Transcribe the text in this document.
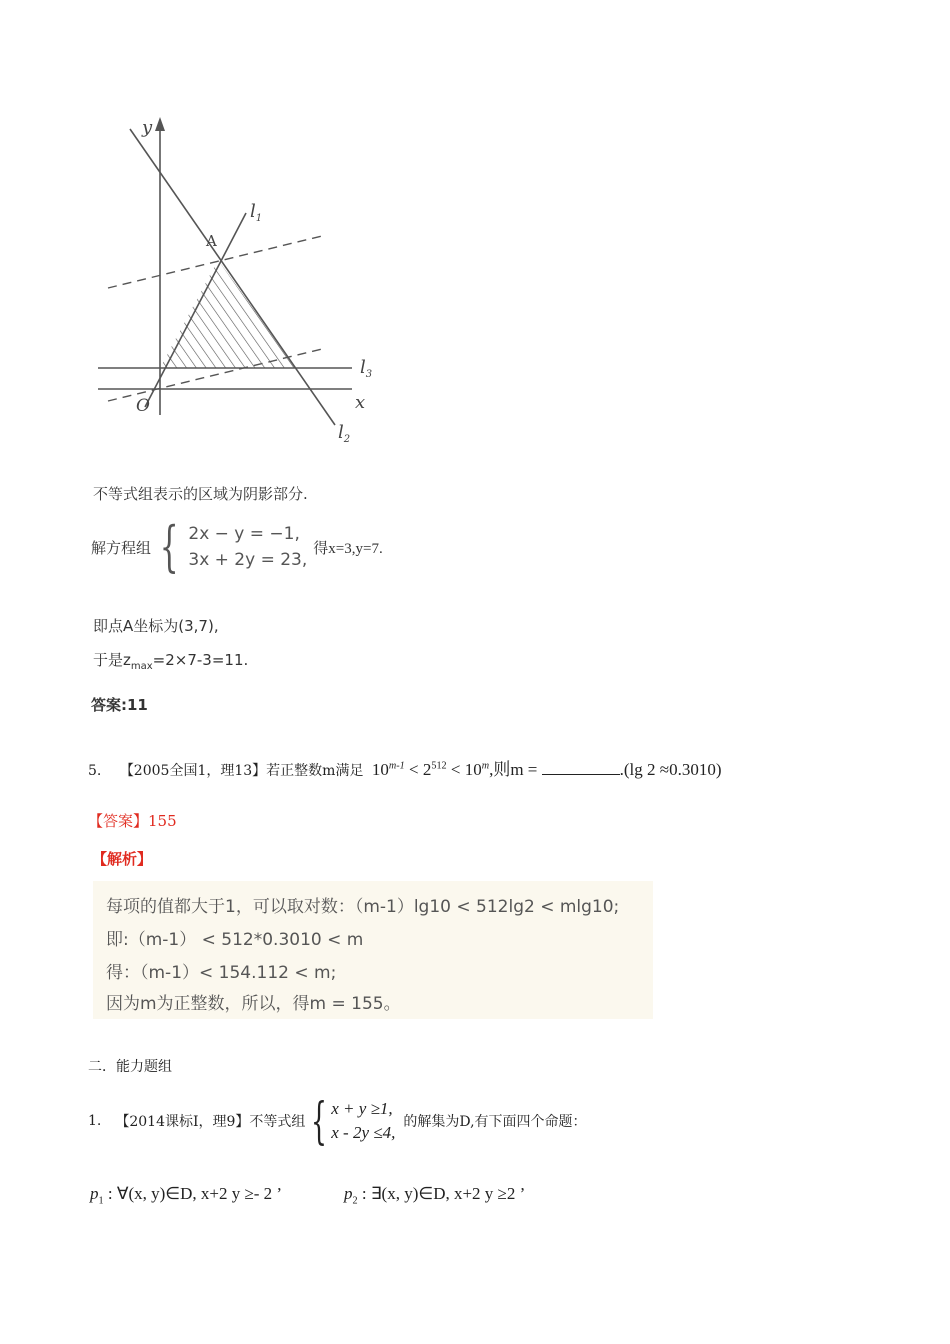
y
x
O
A
$l_1$
$l_3$
$l_2$
不等式组表示的区域为阴影部分.
解方程组 { 2x − y = −1,
3x + 2y = 23,
得x=3,y=7.
即点A坐标为(3,7),
于是$z_{max}=2\times 7-3=11$.
答案:11
5. 【2005全国1，理13】若正整数m满足 $10^{m-1} < 2^{512} < 10^m$,则m =	.(lg 2 ≈0.3010)
【答案】155
【解析】
每项的值都大于1，可以取对数：（m-1）lg10 < 512lg2 < mlg10;
即:（m-1） < 512*0.3010 < m
得：（m-1）< 154.112 < m;
因为m为正整数，所以，得m = 155。
二．能力题组
1. 【2014课标Ⅰ，理9】不等式组 { x + y ≥1,
x - 2y ≤4,
的解集为D,有下面四个命题：
$p_1$ : ∀(x, y)∈D, x+2 y ≥- 2 ’	$p_2$ : ∃(x, y)∈D, x+2 y ≥2 ’
